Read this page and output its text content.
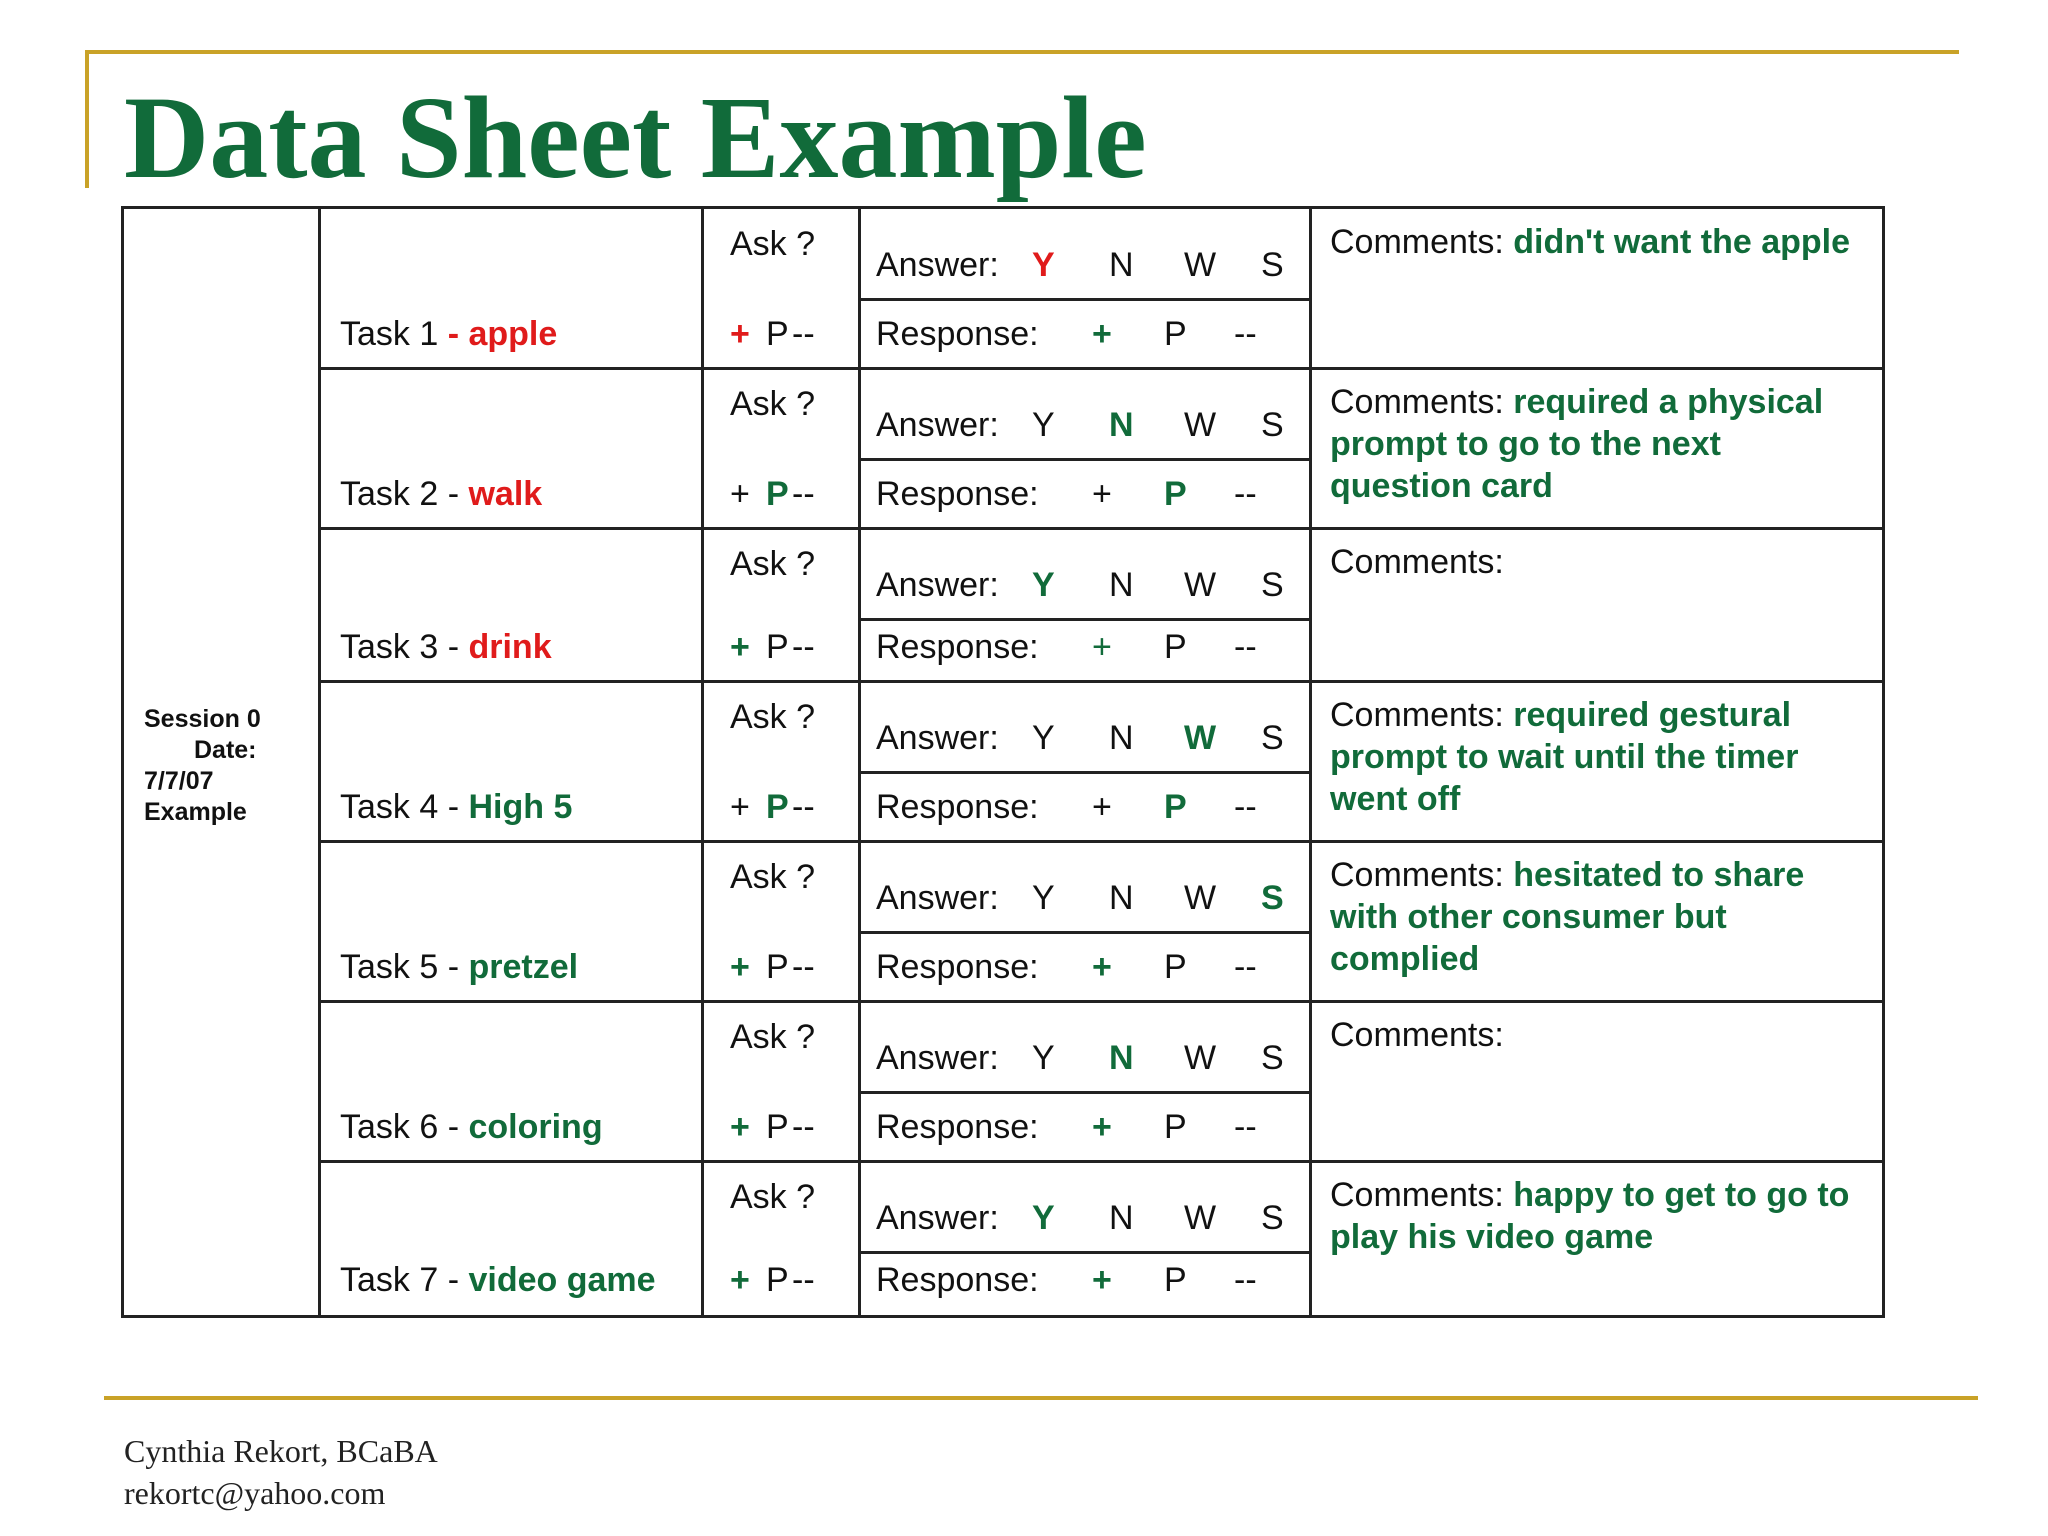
Data Sheet Example
Session 0
Date:
7/7/07
Example
Task 1 - apple
Ask ?
+ P --
Answer: Y N W S
Response: + P --
Comments: didn't want the apple
Task 2 - walk
Ask ?
+ P --
Answer: Y N W S
Response: + P --
Comments: required a physical prompt to go to the next question card
Task 3 - drink
Ask ?
+ P --
Answer: Y N W S
Response: + P --
Comments:
Task 4 - High 5
Ask ?
+ P --
Answer: Y N W S
Response: + P --
Comments: required gestural prompt to wait until the timer went off
Task 5 - pretzel
Ask ?
+ P --
Answer: Y N W S
Response: + P --
Comments: hesitated to share with other consumer but complied
Task 6 - coloring
Ask ?
+ P --
Answer: Y N W S
Response: + P --
Comments:
Task 7 - video game
Ask ?
+ P --
Answer: Y N W S
Response: + P --
Comments: happy to get to go to play his video game
Cynthia Rekort, BCaBA
rekortc@yahoo.com
